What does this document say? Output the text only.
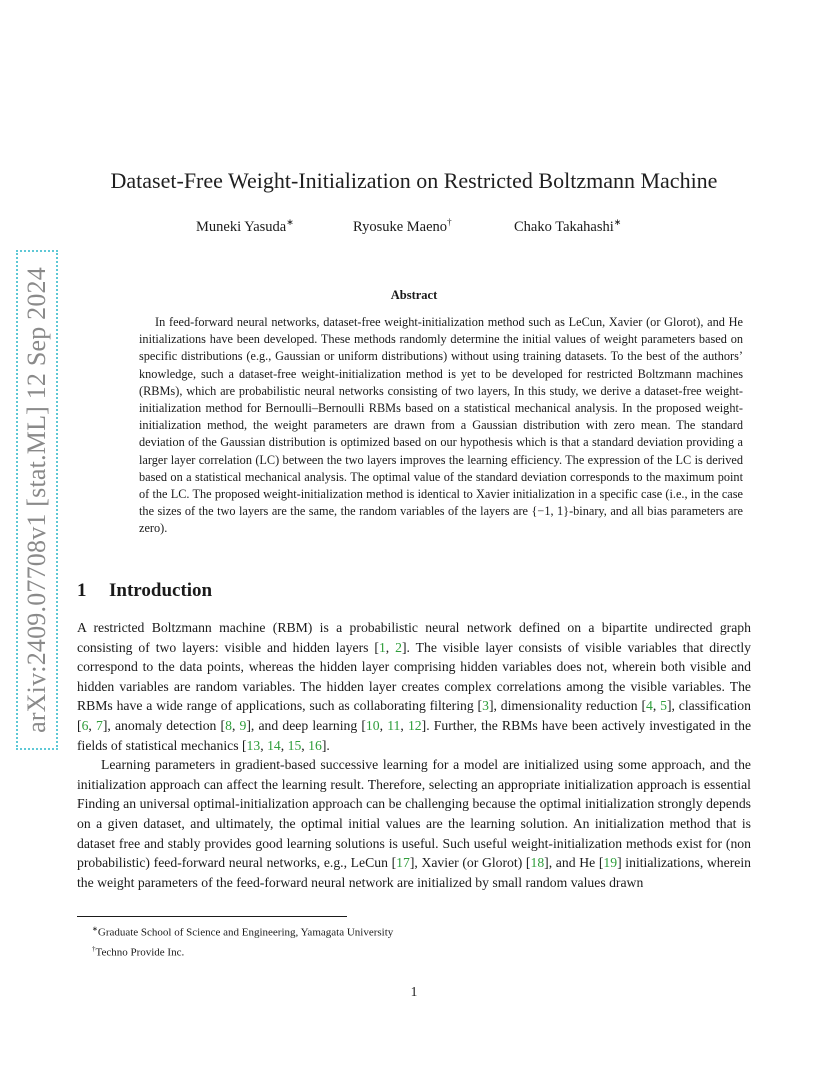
arXiv:2409.07708v1 [stat.ML] 12 Sep 2024
Dataset-Free Weight-Initialization on Restricted Boltzmann Machine
Muneki Yasuda∗	Ryosuke Maeno†	Chako Takahashi∗
Abstract

In feed-forward neural networks, dataset-free weight-initialization method such as LeCun, Xavier (or Glorot), and He initializations have been developed. These methods randomly determine the initial values of weight parameters based on specific distributions (e.g., Gaussian or uniform distributions) without using training datasets. To the best of the authors’ knowledge, such a dataset-free weight-initialization method is yet to be developed for restricted Boltzmann machines (RBMs), which are probabilistic neural networks consisting of two layers, In this study, we derive a dataset-free weight-initialization method for Bernoulli–Bernoulli RBMs based on a statistical mechanical analysis. In the proposed weight-initialization method, the weight parameters are drawn from a Gaussian distribution with zero mean. The standard deviation of the Gaussian distribution is optimized based on our hypothesis which is that a standard deviation providing a larger layer correlation (LC) between the two layers improves the learning efficiency. The expression of the LC is derived based on a statistical mechanical analysis. The optimal value of the standard deviation corresponds to the maximum point of the LC. The proposed weight-initialization method is identical to Xavier initialization in a specific case (i.e., in the case the sizes of the two layers are the same, the random variables of the layers are {−1, 1}-binary, and all bias parameters are zero).

1 Introduction

A restricted Boltzmann machine (RBM) is a probabilistic neural network defined on a bipartite undirected graph consisting of two layers: visible and hidden layers [1, 2]. The visible layer consists of visible variables that directly correspond to the data points, whereas the hidden layer comprising hidden variables does not, wherein both visible and hidden variables are random variables. The hidden layer creates complex correlations among the visible variables. The RBMs have a wide range of applications, such as collaborating filtering [3], dimensionality reduction [4, 5], classification [6, 7], anomaly detection [8, 9], and deep learning [10, 11, 12]. Further, the RBMs have been actively investigated in the fields of statistical mechanics [13, 14, 15, 16].

Learning parameters in gradient-based successive learning for a model are initialized using some approach, and the initialization approach can affect the learning result. Therefore, selecting an appropriate initialization approach is essential Finding an universal optimal-initialization approach can be challenging because the optimal initialization strongly depends on a given dataset, and ultimately, the optimal initial values are the learning solution. An initialization method that is dataset free and stably provides good learning solutions is useful. Such useful weight-initialization methods exist for (non probabilistic) feed-forward neural networks, e.g., LeCun [17], Xavier (or Glorot) [18], and He [19] initializations, wherein the weight parameters of the feed-forward neural network are initialized by small random values drawn

∗Graduate School of Science and Engineering, Yamagata University
†Techno Provide Inc.
1
